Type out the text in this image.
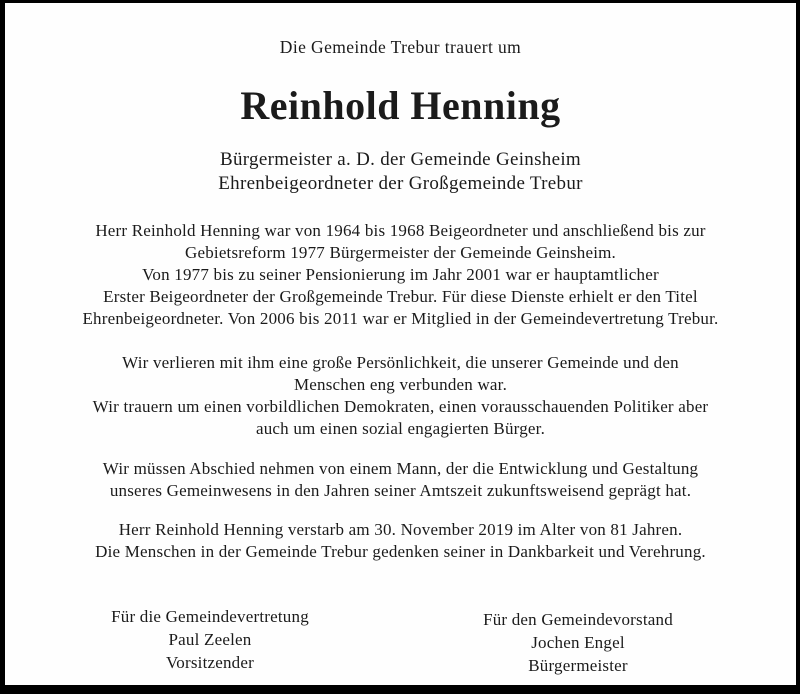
Die Gemeinde Trebur trauert um
Reinhold Henning
Bürgermeister a. D. der Gemeinde Geinsheim
Ehrenbeigeordneter der Großgemeinde Trebur
Herr Reinhold Henning war von 1964 bis 1968 Beigeordneter und anschließend bis zur
Gebietsreform 1977 Bürgermeister der Gemeinde Geinsheim.
Von 1977 bis zu seiner Pensionierung im Jahr 2001 war er hauptamtlicher
Erster Beigeordneter der Großgemeinde Trebur. Für diese Dienste erhielt er den Titel
Ehrenbeigeordneter. Von 2006 bis 2011 war er Mitglied in der Gemeindevertretung Trebur.
Wir verlieren mit ihm eine große Persönlichkeit, die unserer Gemeinde und den
Menschen eng verbunden war.
Wir trauern um einen vorbildlichen Demokraten, einen vorausschauenden Politiker aber
auch um einen sozial engagierten Bürger.
Wir müssen Abschied nehmen von einem Mann, der die Entwicklung und Gestaltung
unseres Gemeinwesens in den Jahren seiner Amtszeit zukunftsweisend geprägt hat.
Herr Reinhold Henning verstarb am 30. November 2019 im Alter von 81 Jahren.
Die Menschen in der Gemeinde Trebur gedenken seiner in Dankbarkeit und Verehrung.
Für die Gemeindevertretung
Paul Zeelen
Vorsitzender
Für den Gemeindevorstand
Jochen Engel
Bürgermeister
